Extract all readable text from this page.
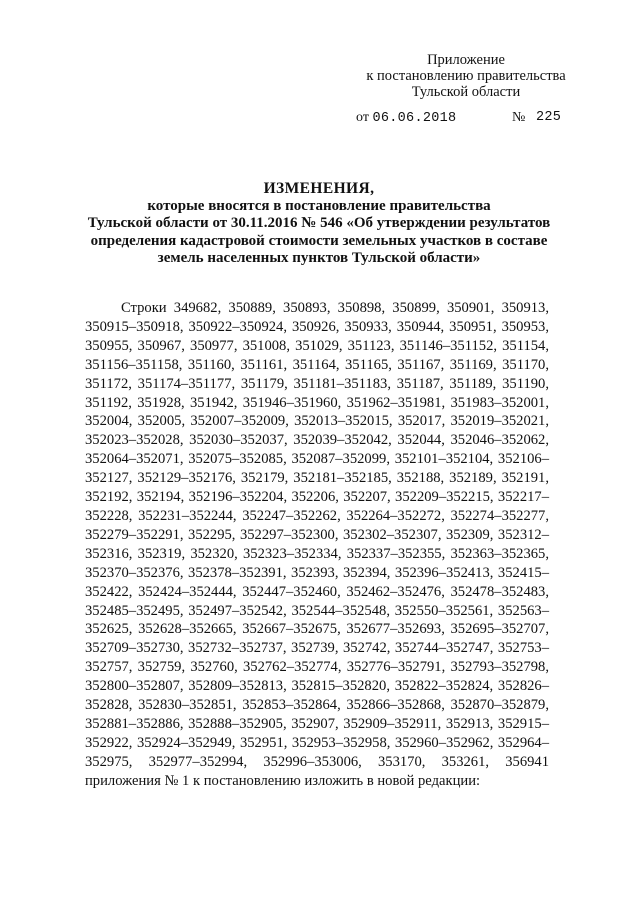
Приложение
к постановлению правительства
Тульской области
от 06.06.2018	№ 225
ИЗМЕНЕНИЯ,
которые вносятся в постановление правительства
Тульской области от 30.11.2016 № 546 «Об утверждении результатов
определения кадастровой стоимости земельных участков в составе
земель населенных пунктов Тульской области»

Строки 349682, 350889, 350893, 350898, 350899, 350901, 350913, 350915–350918, 350922–350924, 350926, 350933, 350944, 350951, 350953, 350955, 350967, 350977, 351008, 351029, 351123, 351146–351152, 351154, 351156–351158, 351160, 351161, 351164, 351165, 351167, 351169, 351170, 351172, 351174–351177, 351179, 351181–351183, 351187, 351189, 351190, 351192, 351928, 351942, 351946–351960, 351962–351981, 351983–352001, 352004, 352005, 352007–352009, 352013–352015, 352017, 352019–352021, 352023–352028, 352030–352037, 352039–352042, 352044, 352046–352062, 352064–352071, 352075–352085, 352087–352099, 352101–352104, 352106–352127, 352129–352176, 352179, 352181–352185, 352188, 352189, 352191, 352192, 352194, 352196–352204, 352206, 352207, 352209–352215, 352217–352228, 352231–352244, 352247–352262, 352264–352272, 352274–352277, 352279–352291, 352295, 352297–352300, 352302–352307, 352309, 352312–352316, 352319, 352320, 352323–352334, 352337–352355, 352363–352365, 352370–352376, 352378–352391, 352393, 352394, 352396–352413, 352415–352422, 352424–352444, 352447–352460, 352462–352476, 352478–352483, 352485–352495, 352497–352542, 352544–352548, 352550–352561, 352563–352625, 352628–352665, 352667–352675, 352677–352693, 352695–352707, 352709–352730, 352732–352737, 352739, 352742, 352744–352747, 352753–352757, 352759, 352760, 352762–352774, 352776–352791, 352793–352798, 352800–352807, 352809–352813, 352815–352820, 352822–352824, 352826–352828, 352830–352851, 352853–352864, 352866–352868, 352870–352879, 352881–352886, 352888–352905, 352907, 352909–352911, 352913, 352915–352922, 352924–352949, 352951, 352953–352958, 352960–352962, 352964–352975, 352977–352994, 352996–353006, 353170, 353261, 356941

приложения № 1 к постановлению изложить в новой редакции:
